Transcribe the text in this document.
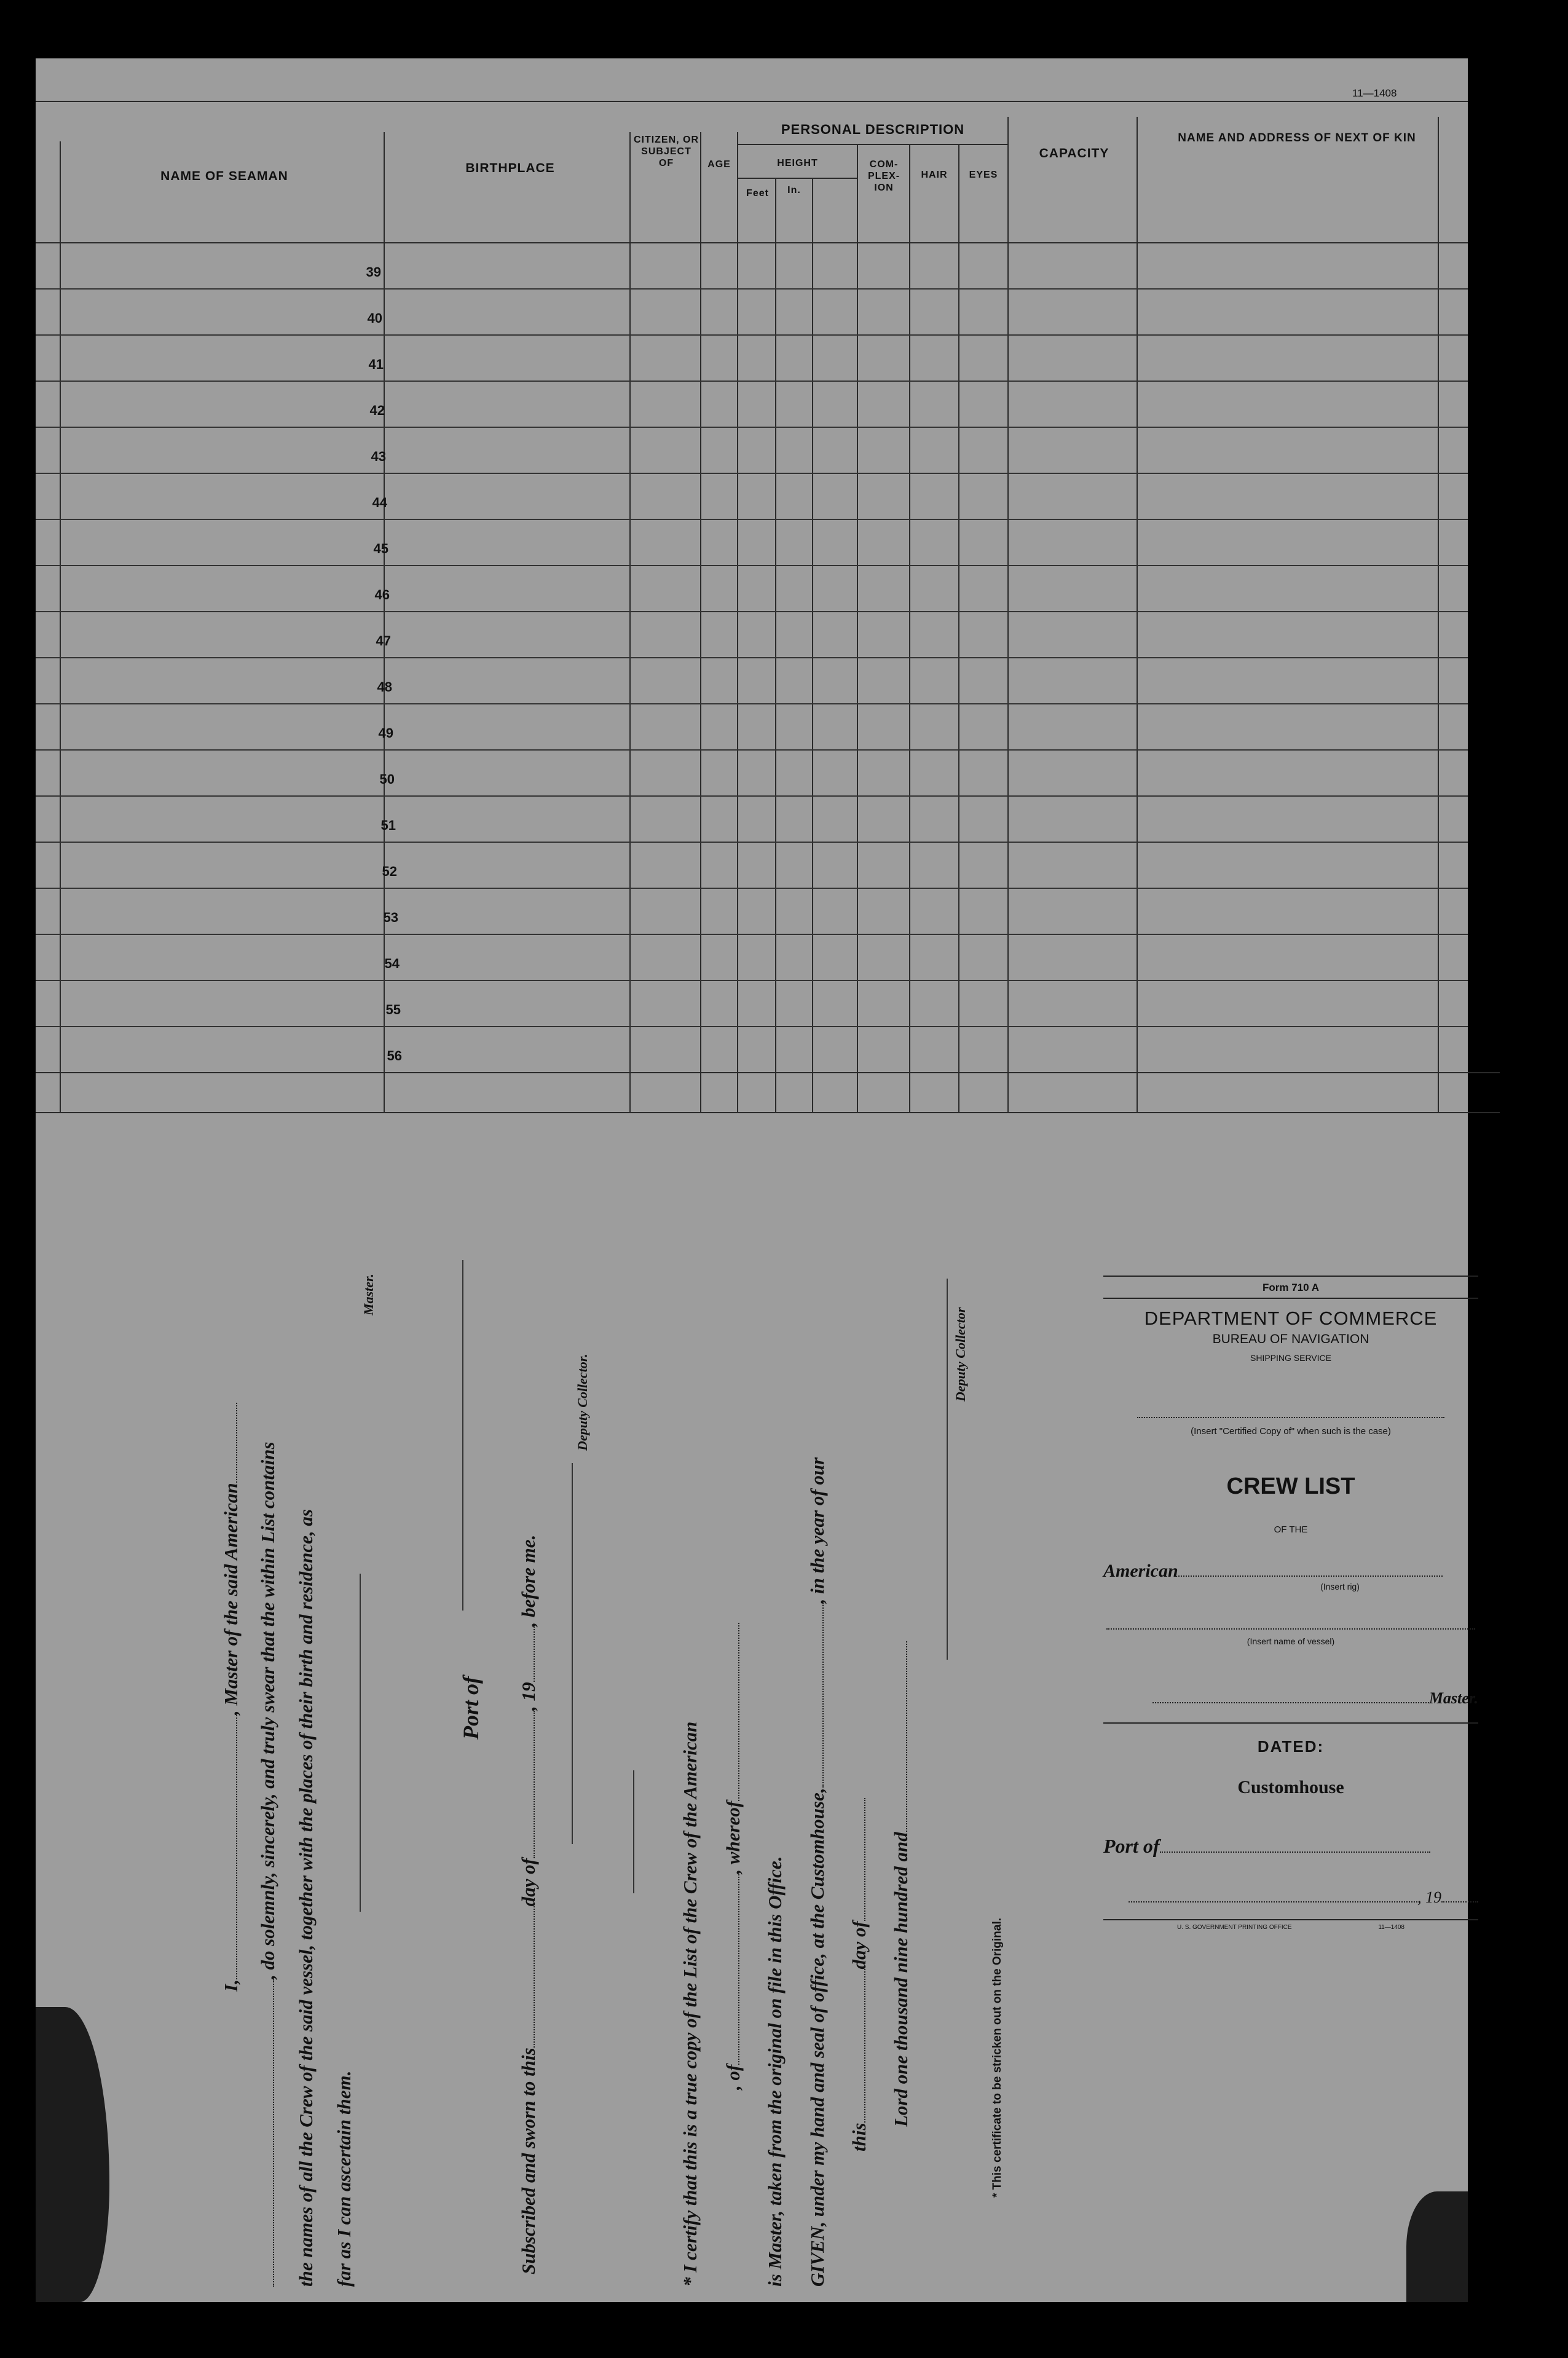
11—1408
NAME OF SEAMAN
BIRTHPLACE
CITIZEN, OR SUBJECT OF	AGE
PERSONAL DESCRIPTION
HEIGHT
Feet	In.
COM-PLEX-ION
HAIR	EYES
CAPACITY
NAME AND ADDRESS OF NEXT OF KIN
39
40
41
42
43
44
45
46
47
48
49
50
51
52
53
54
55
56
I,, Master of the said American , do solemnly, sincerely, and truly swear that the within List contains the names of all the Crew of the said vessel, together with the places of their birth and residence, as far as I can ascertain them.
Master.
Port of
Subscribed and sworn to thisday of, 19, before me.
Deputy Collector.
* I certify that this is a true copy of the List of the Crew of the American , of, whereof
is Master, taken from the original on file in this Office. GIVEN, under my hand and seal of office, at the Customhouse,, in the year of our
thisday of Lord one thousand nine hundred and
Deputy Collector
* This certificate to be stricken out on the Original.
Form 710 A
DEPARTMENT OF COMMERCE
BUREAU OF NAVIGATION
SHIPPING SERVICE
(Insert "Certified Copy of" when such is the case)
CREW LIST
OF THE
American
(Insert rig)
(Insert name of vessel)
Master.
DATED:
Customhouse
Port of
, 19
U. S. GOVERNMENT PRINTING OFFICE	11—1408
